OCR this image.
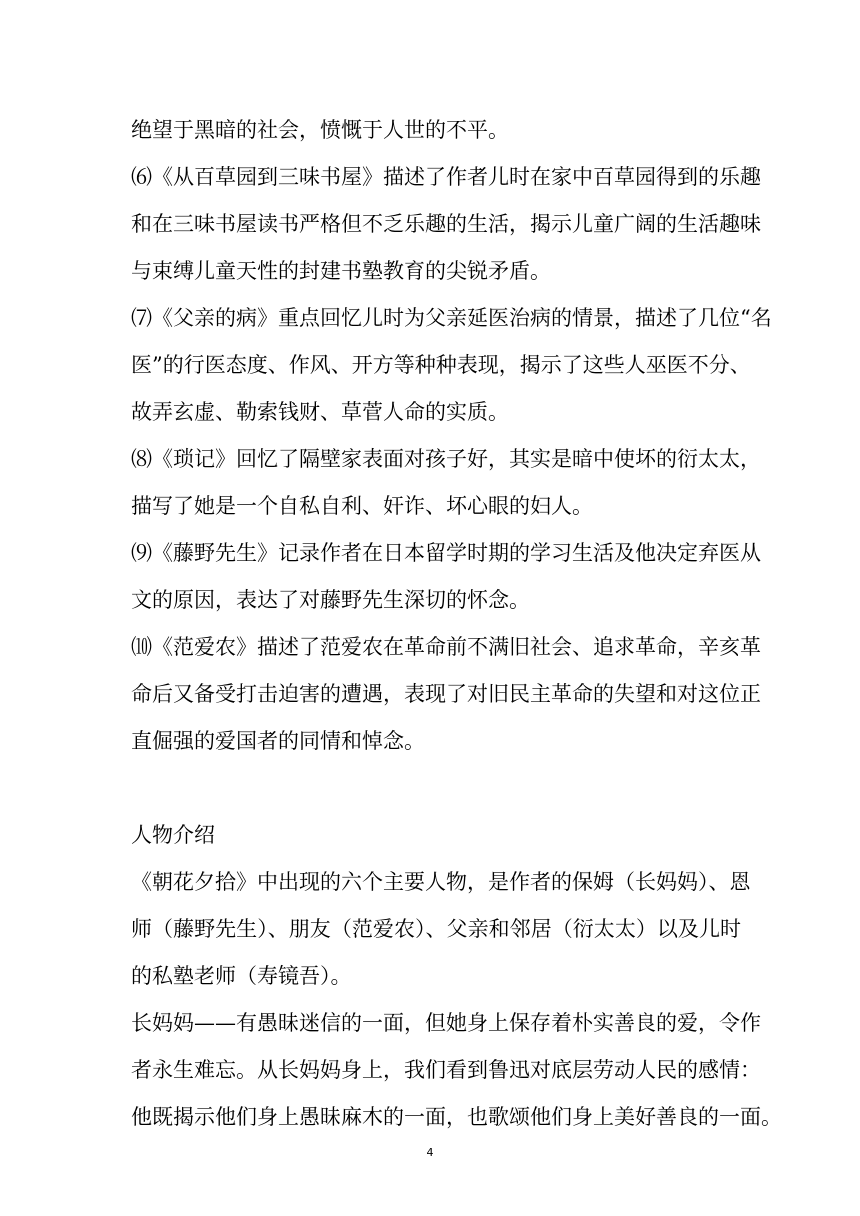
绝望于黑暗的社会，愤慨于人世的不平。
⑹《从百草园到三味书屋》描述了作者儿时在家中百草园得到的乐趣
和在三味书屋读书严格但不乏乐趣的生活，揭示儿童广阔的生活趣味
与束缚儿童天性的封建书塾教育的尖锐矛盾。
⑺《父亲的病》重点回忆儿时为父亲延医治病的情景，描述了几位“名
医”的行医态度、作风、开方等种种表现，揭示了这些人巫医不分、
故弄玄虚、勒索钱财、草菅人命的实质。
⑻《琐记》回忆了隔壁家表面对孩子好，其实是暗中使坏的衍太太，
描写了她是一个自私自利、奸诈、坏心眼的妇人。
⑼《藤野先生》记录作者在日本留学时期的学习生活及他决定弃医从
文的原因，表达了对藤野先生深切的怀念。
⑽《范爱农》描述了范爱农在革命前不满旧社会、追求革命，辛亥革
命后又备受打击迫害的遭遇，表现了对旧民主革命的失望和对这位正
直倔强的爱国者的同情和悼念。
人物介绍
《朝花夕拾》中出现的六个主要人物，是作者的保姆（长妈妈）、恩
师（藤野先生）、朋友（范爱农）、父亲和邻居（衍太太）以及儿时
的私塾老师（寿镜吾）。
长妈妈——有愚昧迷信的一面，但她身上保存着朴实善良的爱，令作
者永生难忘。从长妈妈身上，我们看到鲁迅对底层劳动人民的感情：
他既揭示他们身上愚昧麻木的一面，也歌颂他们身上美好善良的一面。
4
